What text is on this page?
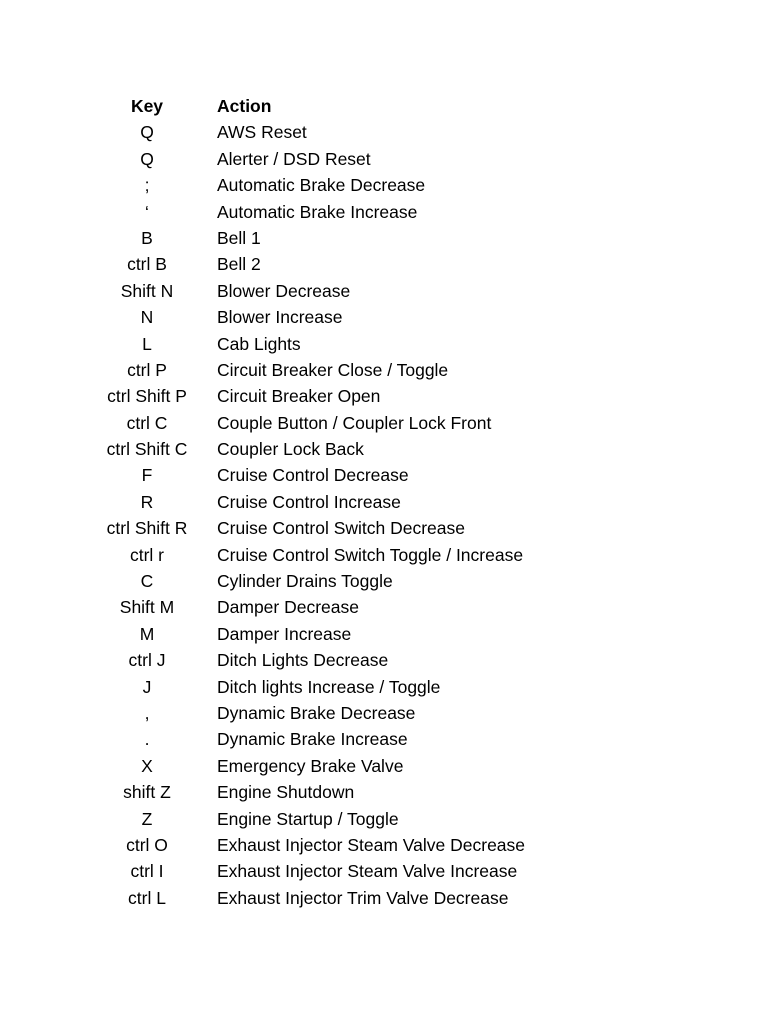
Key	Action
Q	AWS Reset
Q	Alerter / DSD Reset
;	Automatic Brake Decrease
‘	Automatic Brake Increase
B	Bell 1
ctrl B	Bell 2
Shift N	Blower Decrease
N	Blower Increase
L	Cab Lights
ctrl P	Circuit Breaker Close / Toggle
ctrl Shift P	Circuit Breaker Open
ctrl C	Couple Button / Coupler Lock Front
ctrl Shift C	Coupler Lock Back
F	Cruise Control Decrease
R	Cruise Control Increase
ctrl Shift R	Cruise Control Switch Decrease
ctrl r	Cruise Control Switch Toggle / Increase
C	Cylinder Drains Toggle
Shift M	Damper Decrease
M	Damper Increase
ctrl J	Ditch Lights Decrease
J	Ditch lights Increase / Toggle
,	Dynamic Brake Decrease
.	Dynamic Brake Increase
X	Emergency Brake Valve
shift Z	Engine Shutdown
Z	Engine Startup / Toggle
ctrl O	Exhaust Injector Steam Valve Decrease
ctrl I	Exhaust Injector Steam Valve Increase
ctrl L	Exhaust Injector Trim Valve Decrease
